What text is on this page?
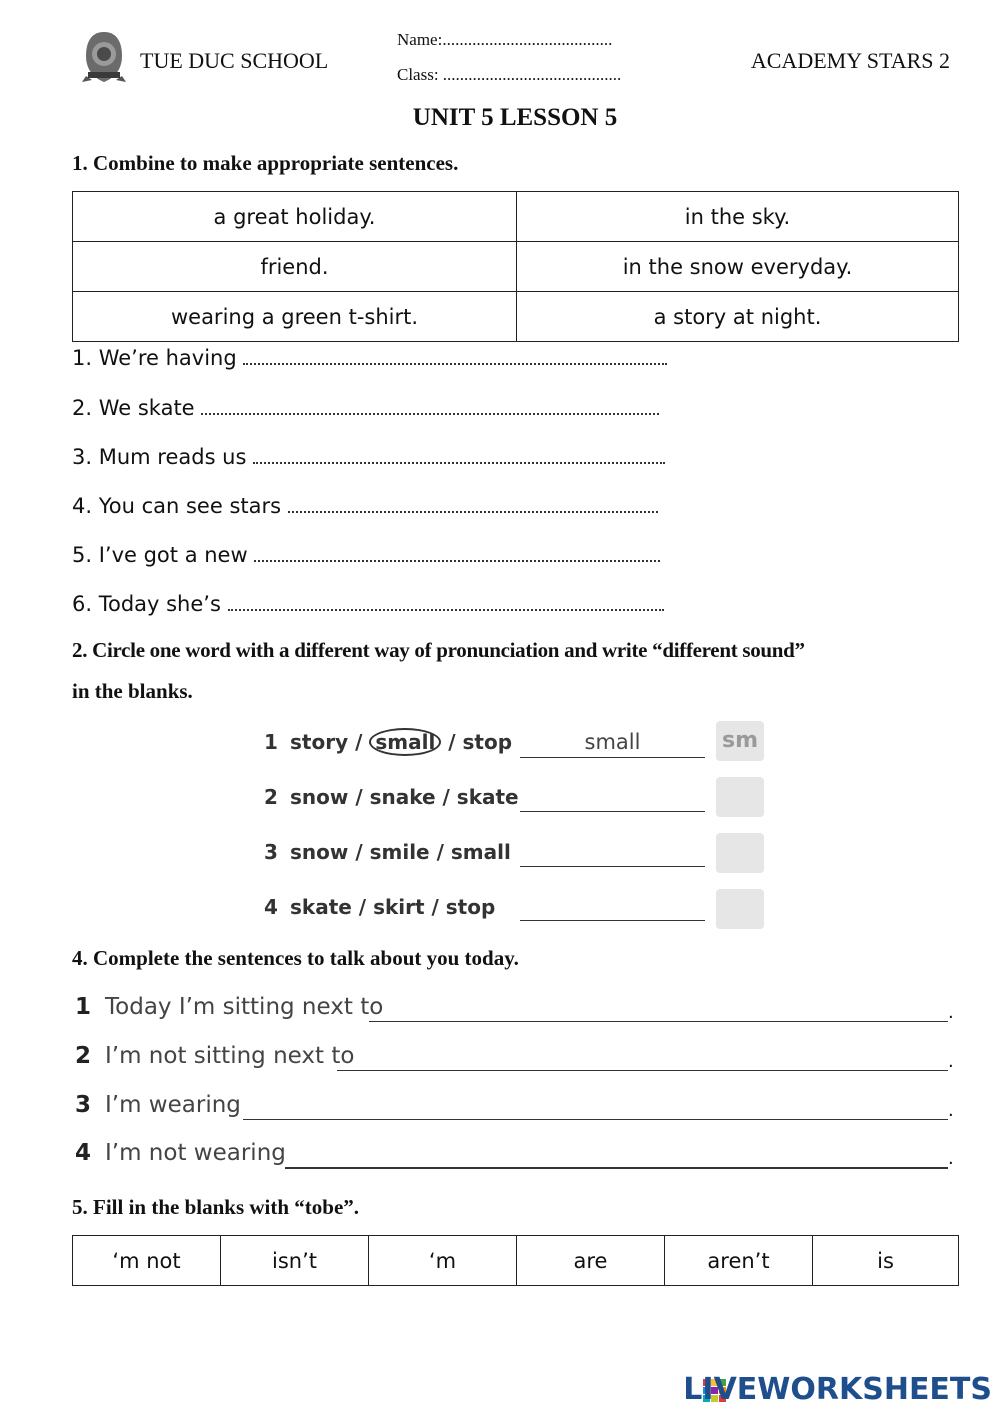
TUE DUC SCHOOL
Name:........................................
Class: ..........................................
ACADEMY STARS 2
UNIT 5 LESSON 5
1. Combine to make appropriate sentences.
a great holiday.	in the sky.
friend.	in the snow everyday.
wearing a green t-shirt.	a story at night.
1. We’re having
2. We skate
3. Mum reads us
4. You can see stars
5. I’ve got a new
6. Today she’s
2. Circle one word with a different way of pronunciation and write “different sound”
in the blanks.
1 story / small / stop	small	sm
2 snow / snake / skate
3 snow / smile / small
4 skate / skirt / stop
4. Complete the sentences to talk about you today.
1 Today I’m sitting next to	.
2 I’m not sitting next to	.
3 I’m wearing	.
4 I’m not wearing	.
5. Fill in the blanks with “tobe”.
‘m not	isn’t	‘m	are	aren’t	is
LIVEWORKSHEETS
